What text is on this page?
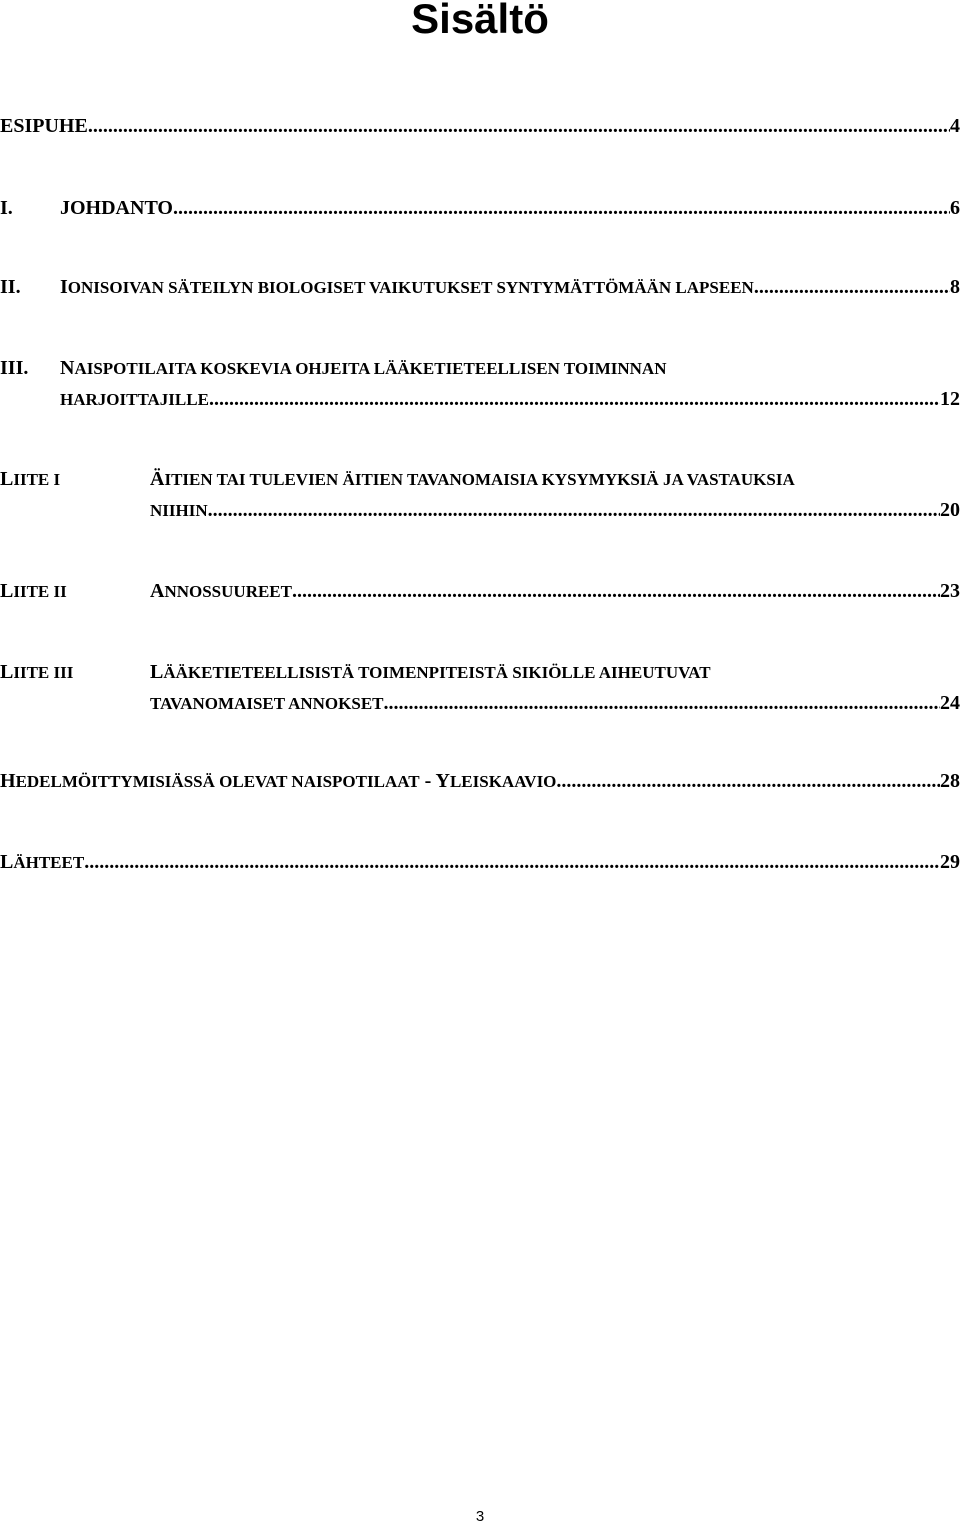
Sisältö
ESIPUHE .....	4
I.	JOHDANTO .....	6
II.	IONISOIVAN SÄTEILYN BIOLOGISET VAIKUTUKSET SYNTYMÄTTÖMÄÄN LAPSEEN .....	8
III.	NAISPOTILAITA KOSKEVIA OHJEITA LÄÄKETIETEELLISEN TOIMINNAN
HARJOITTAJILLE .....	12
LIITE I	ÄITIEN TAI TULEVIEN ÄITIEN TAVANOMAISIA KYSYMYKSIÄ JA VASTAUKSIA
NIIHIN .....	20
LIITE II	ANNOSSUUREET .....	23
LIITE III	LÄÄKETIETEELLISISTÄ TOIMENPITEISTÄ SIKIÖLLE AIHEUTUVAT
TAVANOMAISET ANNOKSET .....	24
HEDELMÖITTYMISIÄSSÄ OLEVAT NAISPOTILAAT - YLEISKAAVIO .....	28
LÄHTEET .....	29
3
